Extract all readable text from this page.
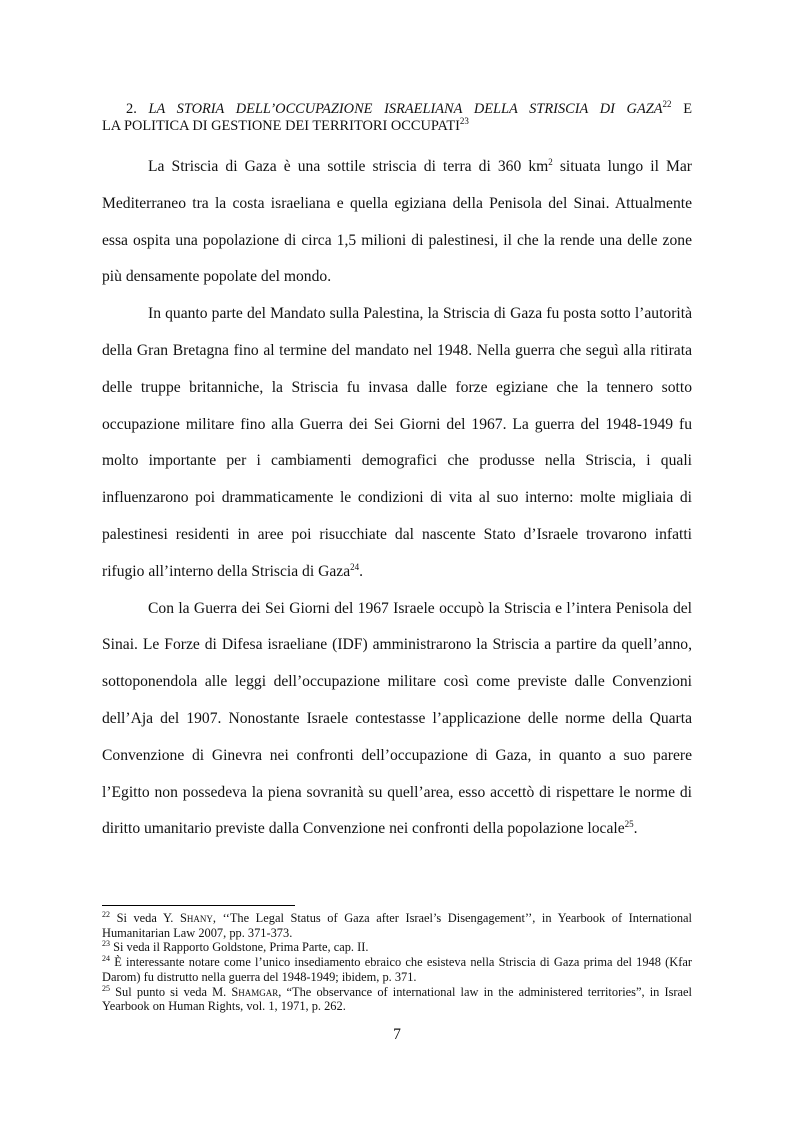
2. LA STORIA DELL’OCCUPAZIONE ISRAELIANA DELLA STRISCIA DI GAZA$^{22}$ E
LA POLITICA DI GESTIONE DEI TERRITORI OCCUPATI$^{23}$

La Striscia di Gaza è una sottile striscia di terra di 360 $km^2$ situata lungo il Mar Mediterraneo tra la costa israeliana e quella egiziana della Penisola del Sinai. Attualmente essa ospita una popolazione di circa 1,5 milioni di palestinesi, il che la rende una delle zone più densamente popolate del mondo.

In quanto parte del Mandato sulla Palestina, la Striscia di Gaza fu posta sotto l’autorità della Gran Bretagna fino al termine del mandato nel 1948. Nella guerra che seguì alla ritirata delle truppe britanniche, la Striscia fu invasa dalle forze egiziane che la tennero sotto occupazione militare fino alla Guerra dei Sei Giorni del 1967. La guerra del 1948-1949 fu molto importante per i cambiamenti demografici che produsse nella Striscia, i quali influenzarono poi drammaticamente le condizioni di vita al suo interno: molte migliaia di palestinesi residenti in aree poi risucchiate dal nascente Stato d’Israele trovarono infatti rifugio all’interno della Striscia di Gaza$^{24}$.

Con la Guerra dei Sei Giorni del 1967 Israele occupò la Striscia e l’intera Penisola del Sinai. Le Forze di Difesa israeliane (IDF) amministrarono la Striscia a partire da quell’anno, sottoponendola alle leggi dell’occupazione militare così come previste dalle Convenzioni dell’Aja del 1907. Nonostante Israele contestasse l’applicazione delle norme della Quarta Convenzione di Ginevra nei confronti dell’occupazione di Gaza, in quanto a suo parere l’Egitto non possedeva la piena sovranità su quell’area, esso accettò di rispettare le norme di diritto umanitario previste dalla Convenzione nei confronti della popolazione locale$^{25}$.

$^{22}$ Si veda Y. Shany, ‘‘The Legal Status of Gaza after Israel’s Disengagement’’, in Yearbook of International Humanitarian Law 2007, pp. 371-373.
$^{23}$ Si veda il Rapporto Goldstone, Prima Parte, cap. II.
$^{24}$ È interessante notare come l’unico insediamento ebraico che esisteva nella Striscia di Gaza prima del 1948 (Kfar Darom) fu distrutto nella guerra del 1948-1949; ibidem, p. 371.
$^{25}$ Sul punto si veda M. Shamgar, “The observance of international law in the administered territories”, in Israel Yearbook on Human Rights, vol. 1, 1971, p. 262.
7
